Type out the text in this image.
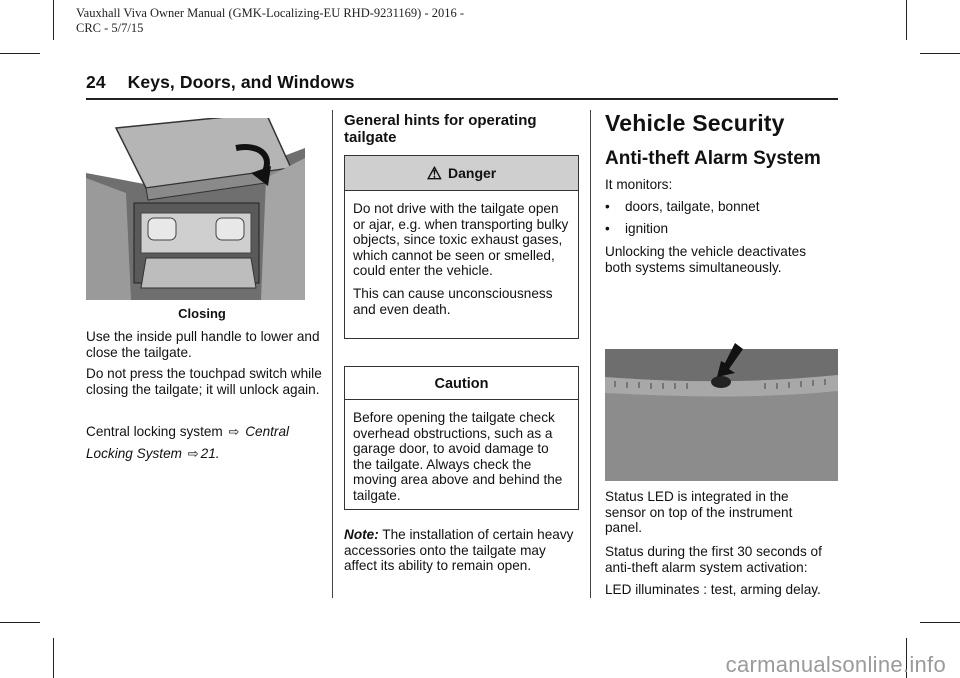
Vauxhall Viva Owner Manual (GMK-Localizing-EU RHD-9231169) - 2016 -
CRC - 5/7/15
24 Keys, Doors, and Windows
Closing

Use the inside pull handle to lower and close the tailgate.

Do not press the touchpad switch while closing the tailgate; it will unlock again.

Central locking system ⇨ Central
Locking System ⇨ 21.
General hints for operating tailgate
⚠ Danger

Do not drive with the tailgate open or ajar, e.g. when transporting bulky objects, since toxic exhaust gases, which cannot be seen or smelled, could enter the vehicle.

This can cause unconsciousness and even death.

Caution

Before opening the tailgate check overhead obstructions, such as a garage door, to avoid damage to the tailgate. Always check the moving area above and behind the tailgate.

Note: The installation of certain heavy accessories onto the tailgate may affect its ability to remain open.
Vehicle Security
Anti-theft Alarm System

It monitors:

• doors, tailgate, bonnet
• ignition

Unlocking the vehicle deactivates both systems simultaneously.

Status LED is integrated in the sensor on top of the instrument panel.

Status during the first 30 seconds of anti-theft alarm system activation:

LED illuminates : test, arming delay.

carmanualsonline.info
